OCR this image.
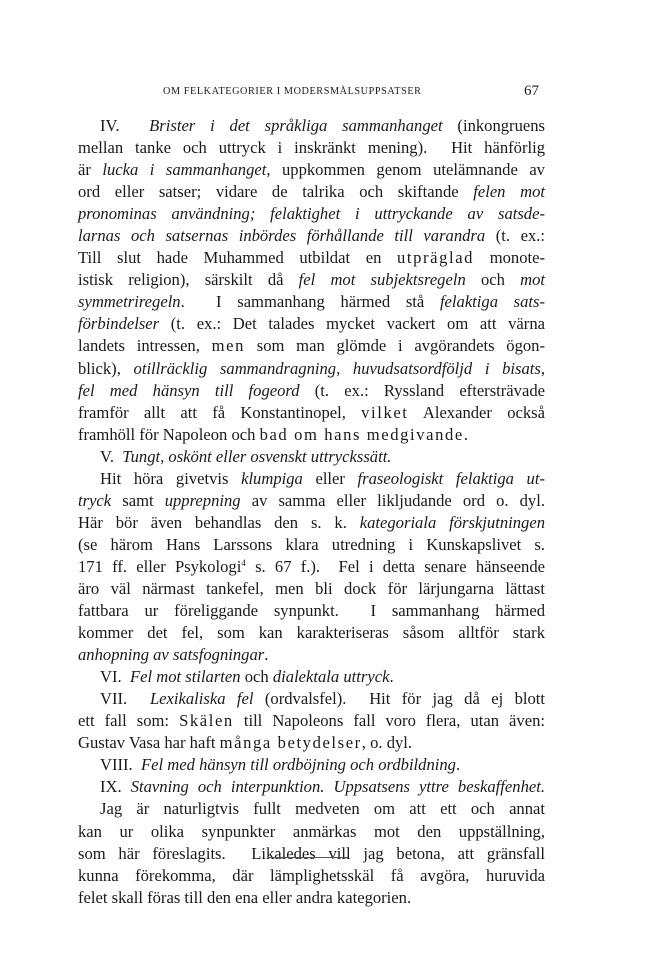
OM FELKATEGORIER I MODERSMÅLSUPPSATSER	67
IV.  Brister i det språkliga sammanhanget (inkongruens
mellan tanke och uttryck i inskränkt mening).  Hit hänförlig
är lucka i sammanhanget, uppkommen genom utelämnande av
ord eller satser; vidare de talrika och skiftande felen mot
pronominas användning; felaktighet i uttryckande av satsde-
larnas och satsernas inbördes förhållande till varandra (t. ex.:
Till slut hade Muhammed utbildat en utpräglad monote-
istisk religion), särskilt då fel mot subjektsregeln och mot
symmetriregeln.  I sammanhang härmed stå felaktiga sats-
förbindelser (t. ex.: Det talades mycket vackert om att värna
landets intressen, men som man glömde i avgörandets ögon-
blick), otillräcklig sammandragning, huvudsatsordföljd i bisats,
fel med hänsyn till fogeord (t. ex.: Ryssland eftersträvade
framför allt att få Konstantinopel, vilket Alexander också
framhöll för Napoleon och bad om hans medgivande.
V.  Tungt, oskönt eller osvenskt uttryckssätt.
Hit höra givetvis klumpiga eller fraseologiskt felaktiga ut-
tryck samt upprepning av samma eller likljudande ord o. dyl.
Här bör även behandlas den s. k. kategoriala förskjutningen
(se härom Hans Larssons klara utredning i Kunskapslivet s.
171 ff. eller Psykologi$^4$ s. 67 f.).  Fel i detta senare hänseende
äro väl närmast tankefel, men bli dock för lärjungarna lättast
fattbara ur föreliggande synpunkt.  I sammanhang härmed
kommer det fel, som kan karakteriseras såsom alltför stark
anhopning av satsfogningar.
VI.  Fel mot stilarten och dialektala uttryck.
VII.  Lexikaliska fel (ordvalsfel).  Hit för jag då ej blott
ett fall som: Skälen till Napoleons fall voro flera, utan även:
Gustav Vasa har haft många betydelser, o. dyl.
VIII.  Fel med hänsyn till ordböjning och ordbildning.
IX. Stavning och interpunktion. Uppsatsens yttre beskaffenhet.
Jag är naturligtvis fullt medveten om att ett och annat
kan ur olika synpunkter anmärkas mot den uppställning,
som här föreslagits.  Likaledes vill jag betona, att gränsfall
kunna förekomma, där lämplighetsskäl få avgöra, huruvida
felet skall föras till den ena eller andra kategorien.
